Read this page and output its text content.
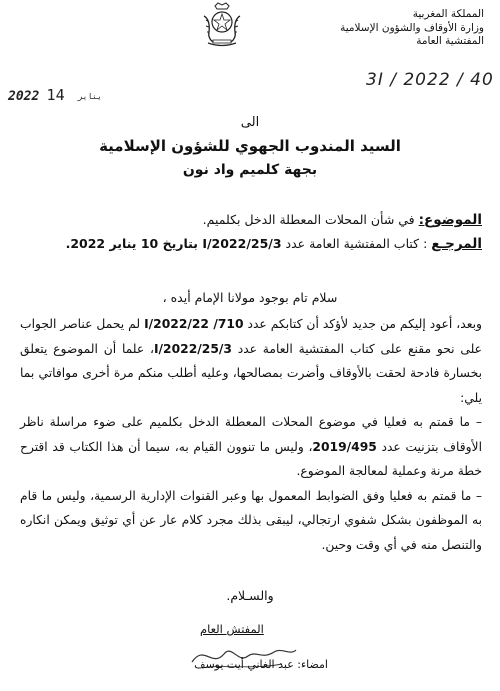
المملكة المغربية
وزارة الأوقاف والشؤون الإسلامية
المفتشية العامة
3I / 2022 / 40
2022	يناير 14
الى
السيد المندوب الجهوي للشؤون الإسلامية
بجهة كلميم واد نون
الموضوع: في شأن المحلات المعطلة الدخل بكلميم.
المرجـع : كتاب المفتشية العامة عدد 3/I/2022/25 بتاريخ 10 يناير 2022.
سلام تام بوجود مولانا الإمام أيده ،

وبعد، أعود إليكم من جديد لأؤكد أن كتابكم عدد 710/ I/2022/22 لم يحمل عناصر الجواب على نحو مقنع على كتاب المفتشية العامة عدد 3/I/2022/25، علما أن الموضوع يتعلق بخسارة فادحة لحقت بالأوقاف وأضرت بمصالحها، وعليه أطلب منكم مرة أخرى موافاتي بما يلي:

– ما قمتم به فعليا في موضوع المحلات المعطلة الدخل بكلميم على ضوء مراسلة ناظر الأوقاف بتزنيت عدد 2019/495، وليس ما تنوون القيام به، سيما أن هذا الكتاب قد اقترح خطة مرنة وعملية لمعالجة الموضوع.

– ما قمتم به فعليا وفق الضوابط المعمول بها وعبر القنوات الإدارية الرسمية، وليس ما قام به الموظفون بشكل شفوي ارتجالي، ليبقى بذلك مجرد كلام عار عن أي توثيق ويمكن انكاره والتنصل منه في أي وقت وحين.

والسـلام.
المفتش العام
امضاء: عبد الغاني أيت يوسف
